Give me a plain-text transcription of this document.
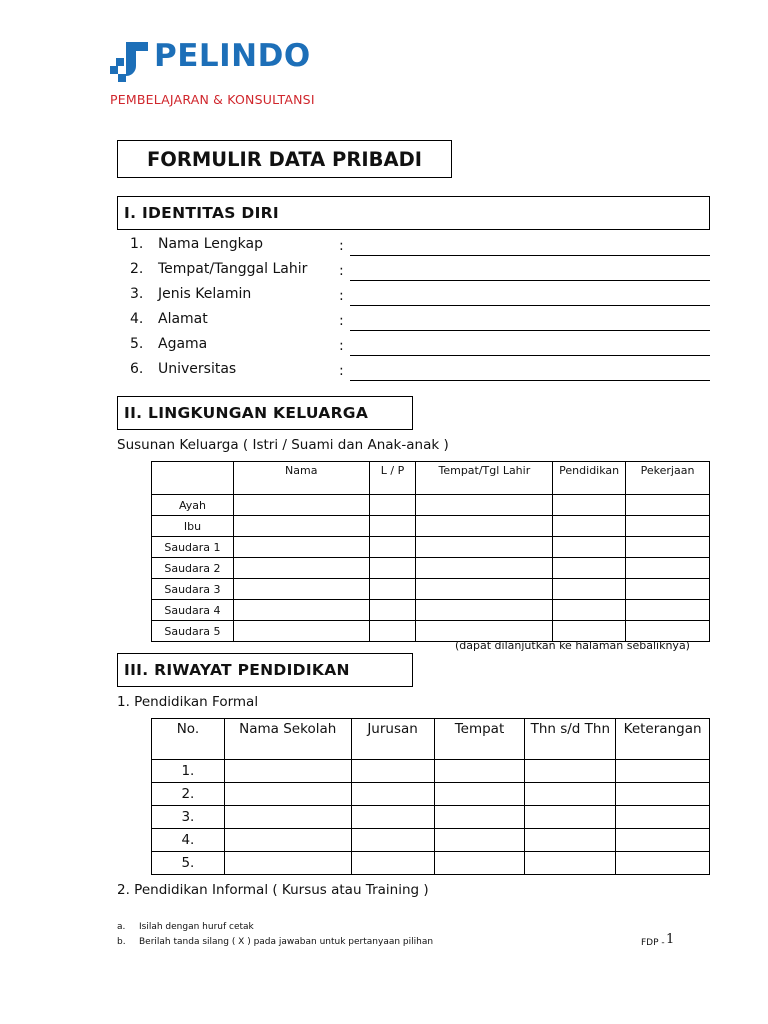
PELINDO
PEMBELAJARAN & KONSULTANSI
FORMULIR DATA PRIBADI
I. IDENTITAS DIRI
1. Nama Lengkap	:
2. Tempat/Tanggal Lahir :
3. Jenis Kelamin	:
4. Alamat	:
5. Agama	:
6. Universitas	:
II. LINGKUNGAN KELUARGA
Susunan Keluarga ( Istri / Suami dan Anak-anak )
	Nama	L / P	Tempat/Tgl Lahir	Pendidikan	Pekerjaan
Ayah					
Ibu					
Saudara 1					
Saudara 2					
Saudara 3					
Saudara 4					
Saudara 5					
(dapat dilanjutkan ke halaman sebaliknya)
III. RIWAYAT PENDIDIKAN
1. Pendidikan Formal
No.	Nama Sekolah	Jurusan	Tempat	Thn s/d Thn	Keterangan
1.					
2.					
3.					
4.					
5.					
2. Pendidikan Informal ( Kursus atau Training )
a. Isilah dengan huruf cetak
b. Berilah tanda silang ( X ) pada jawaban untuk pertanyaan pilihan	FDP - 1
